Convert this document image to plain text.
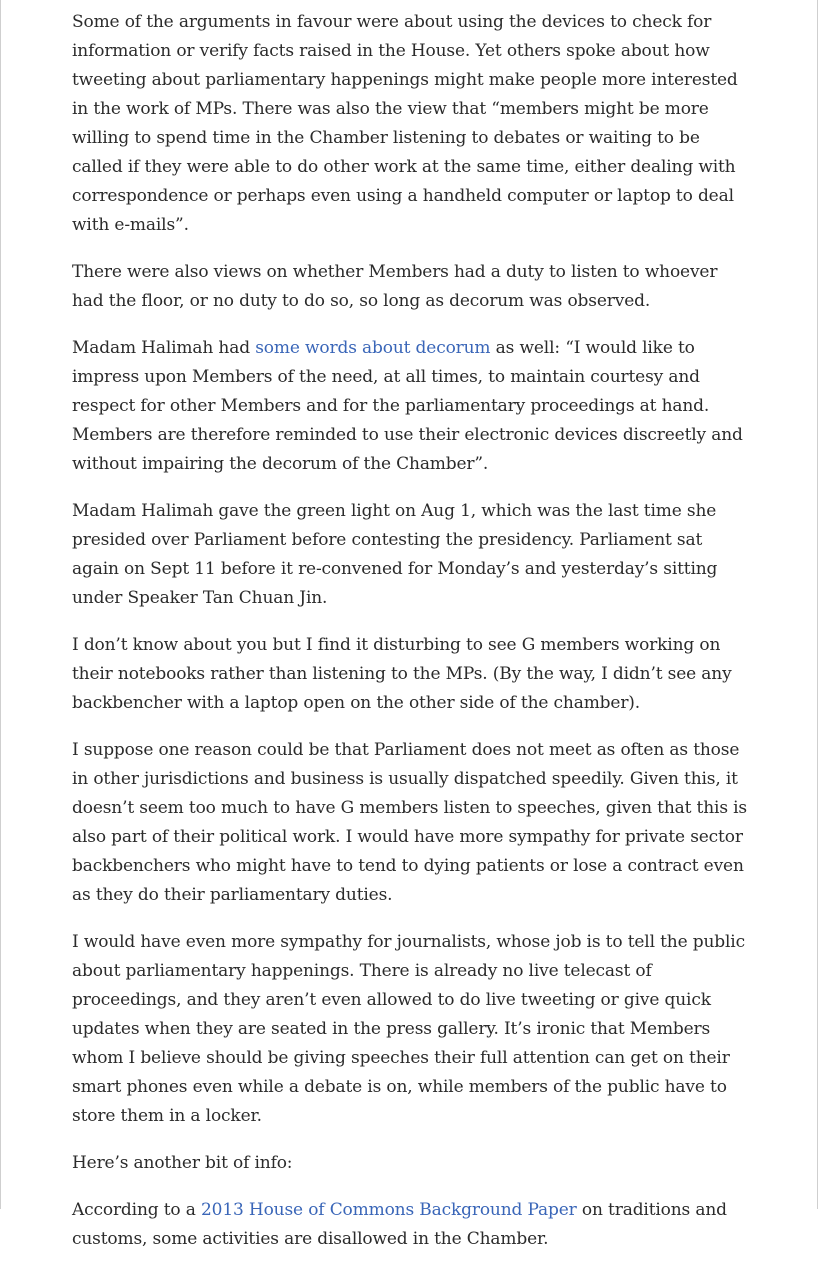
Some of the arguments in favour were about using the devices to check for information or verify facts raised in the House. Yet others spoke about how tweeting about parliamentary happenings might make people more interested in the work of MPs. There was also the view that “members might be more willing to spend time in the Chamber listening to debates or waiting to be called if they were able to do other work at the same time, either dealing with correspondence or perhaps even using a handheld computer or laptop to deal with e-mails”.

There were also views on whether Members had a duty to listen to whoever had the floor, or no duty to do so, so long as decorum was observed.

Madam Halimah had some words about decorum as well: “I would like to impress upon Members of the need, at all times, to maintain courtesy and respect for other Members and for the parliamentary proceedings at hand. Members are therefore reminded to use their electronic devices discreetly and without impairing the decorum of the Chamber”.

Madam Halimah gave the green light on Aug 1, which was the last time she presided over Parliament before contesting the presidency. Parliament sat again on Sept 11 before it re-convened for Monday’s and yesterday’s sitting under Speaker Tan Chuan Jin.

I don’t know about you but I find it disturbing to see G members working on their notebooks rather than listening to the MPs. (By the way, I didn’t see any backbencher with a laptop open on the other side of the chamber).

I suppose one reason could be that Parliament does not meet as often as those in other jurisdictions and business is usually dispatched speedily. Given this, it doesn’t seem too much to have G members listen to speeches, given that this is also part of their political work. I would have more sympathy for private sector backbenchers who might have to tend to dying patients or lose a contract even as they do their parliamentary duties.

I would have even more sympathy for journalists, whose job is to tell the public about parliamentary happenings. There is already no live telecast of proceedings, and they aren’t even allowed to do live tweeting or give quick updates when they are seated in the press gallery. It’s ironic that Members whom I believe should be giving speeches their full attention can get on their smart phones even while a debate is on, while members of the public have to store them in a locker.

Here’s another bit of info:

According to a 2013 House of Commons Background Paper on traditions and customs, some activities are disallowed in the Chamber.
